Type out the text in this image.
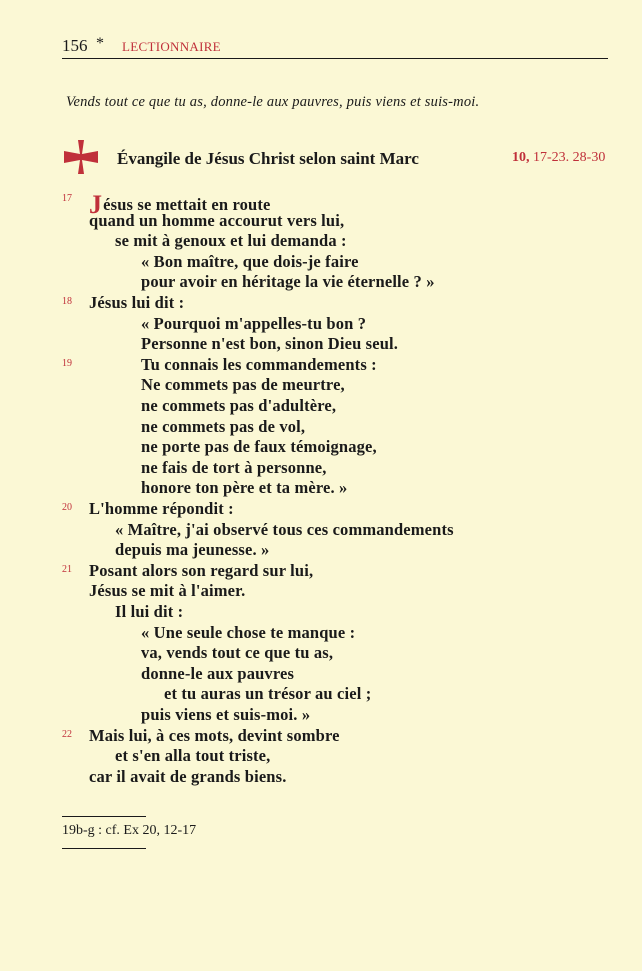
156 * LECTIONNAIRE
Vends tout ce que tu as, donne-le aux pauvres, puis viens et suis-moi.
Évangile de Jésus Christ selon saint Marc	10, 17-23. 28-30
17
18
19
20
21
22
Jésus se mettait en route
quand un homme accourut vers lui,
se mit à genoux et lui demanda :
« Bon maître, que dois-je faire
pour avoir en héritage la vie éternelle ? »
Jésus lui dit :
« Pourquoi m'appelles-tu bon ?
Personne n'est bon, sinon Dieu seul.
Tu connais les commandements :
Ne commets pas de meurtre,
ne commets pas d'adultère,
ne commets pas de vol,
ne porte pas de faux témoignage,
ne fais de tort à personne,
honore ton père et ta mère. »
L'homme répondit :
« Maître, j'ai observé tous ces commandements
depuis ma jeunesse. »
Posant alors son regard sur lui,
Jésus se mit à l'aimer.
Il lui dit :
« Une seule chose te manque :
va, vends tout ce que tu as,
donne-le aux pauvres
et tu auras un trésor au ciel ;
puis viens et suis-moi. »
Mais lui, à ces mots, devint sombre
et s'en alla tout triste,
car il avait de grands biens.
19b-g : cf. Ex 20, 12-17
